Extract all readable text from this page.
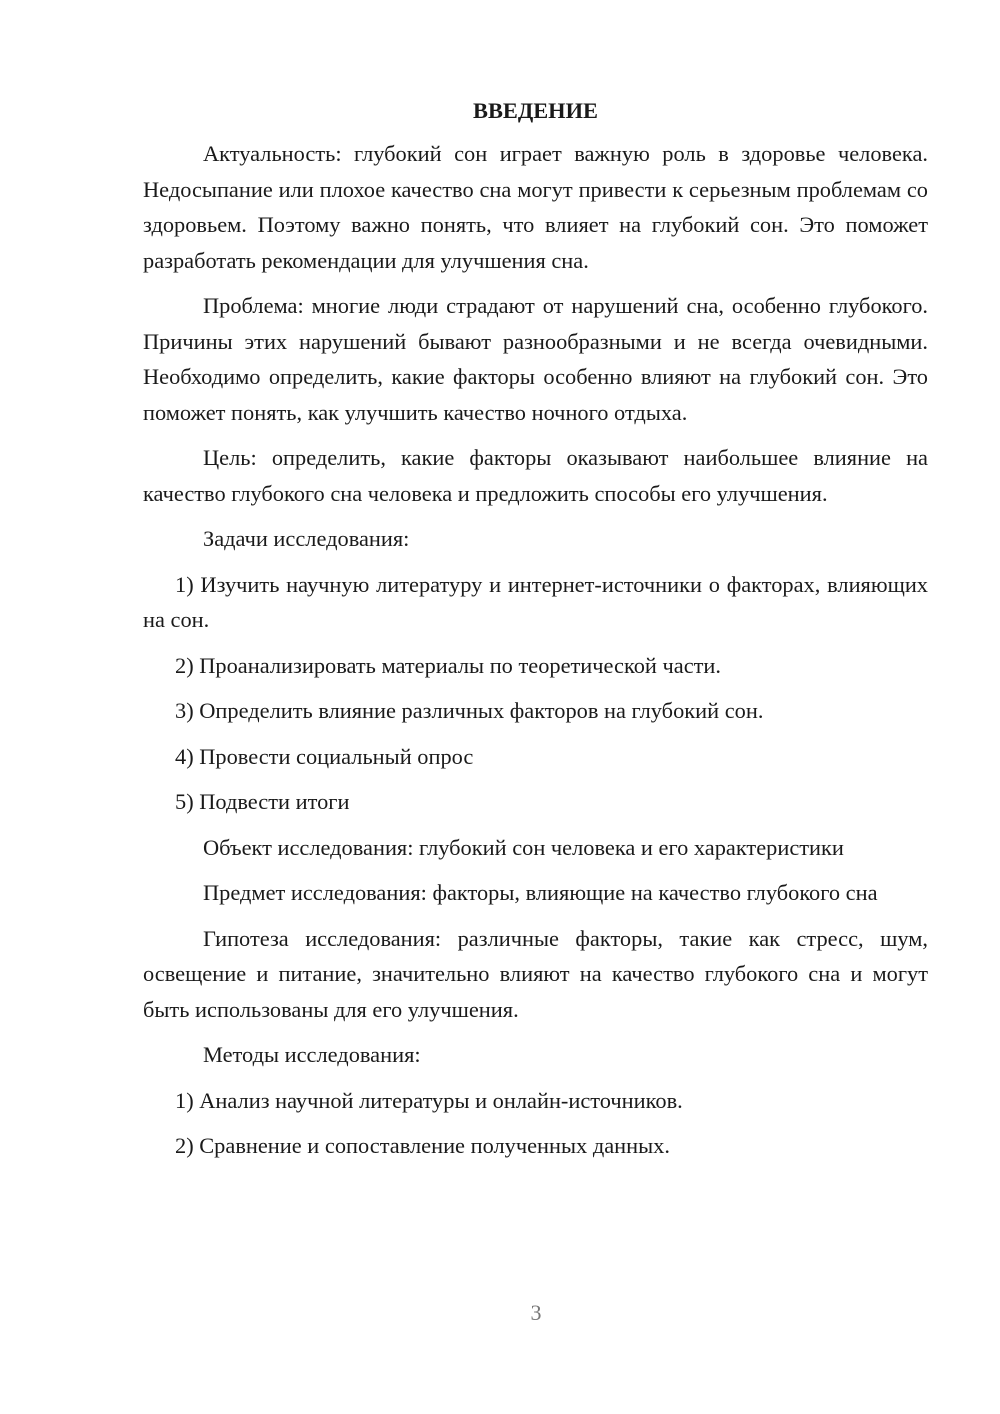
ВВЕДЕНИЕ
Актуальность: глубокий сон играет важную роль в здоровье человека. Недосыпание или плохое качество сна могут привести к серьезным проблемам со здоровьем. Поэтому важно понять, что влияет на глубокий сон. Это поможет разработать рекомендации для улучшения сна.
Проблема: многие люди страдают от нарушений сна, особенно глубокого. Причины этих нарушений бывают разнообразными и не всегда очевидными. Необходимо определить, какие факторы особенно влияют на глубокий сон. Это поможет понять, как улучшить качество ночного отдыха.
Цель: определить, какие факторы оказывают наибольшее влияние на качество глубокого сна человека и предложить способы его улучшения.
Задачи исследования:
1) Изучить научную литературу и интернет-источники о факторах, влияющих на сон.
2) Проанализировать материалы по теоретической части.
3) Определить влияние различных факторов на глубокий сон.
4) Провести социальный опрос
5) Подвести итоги
Объект исследования: глубокий сон человека и его характеристики
Предмет исследования: факторы, влияющие на качество глубокого сна
Гипотеза исследования: различные факторы, такие как стресс, шум, освещение и питание, значительно влияют на качество глубокого сна и могут быть использованы для его улучшения.
Методы исследования:
1) Анализ научной литературы и онлайн-источников.
2) Сравнение и сопоставление полученных данных.
3
